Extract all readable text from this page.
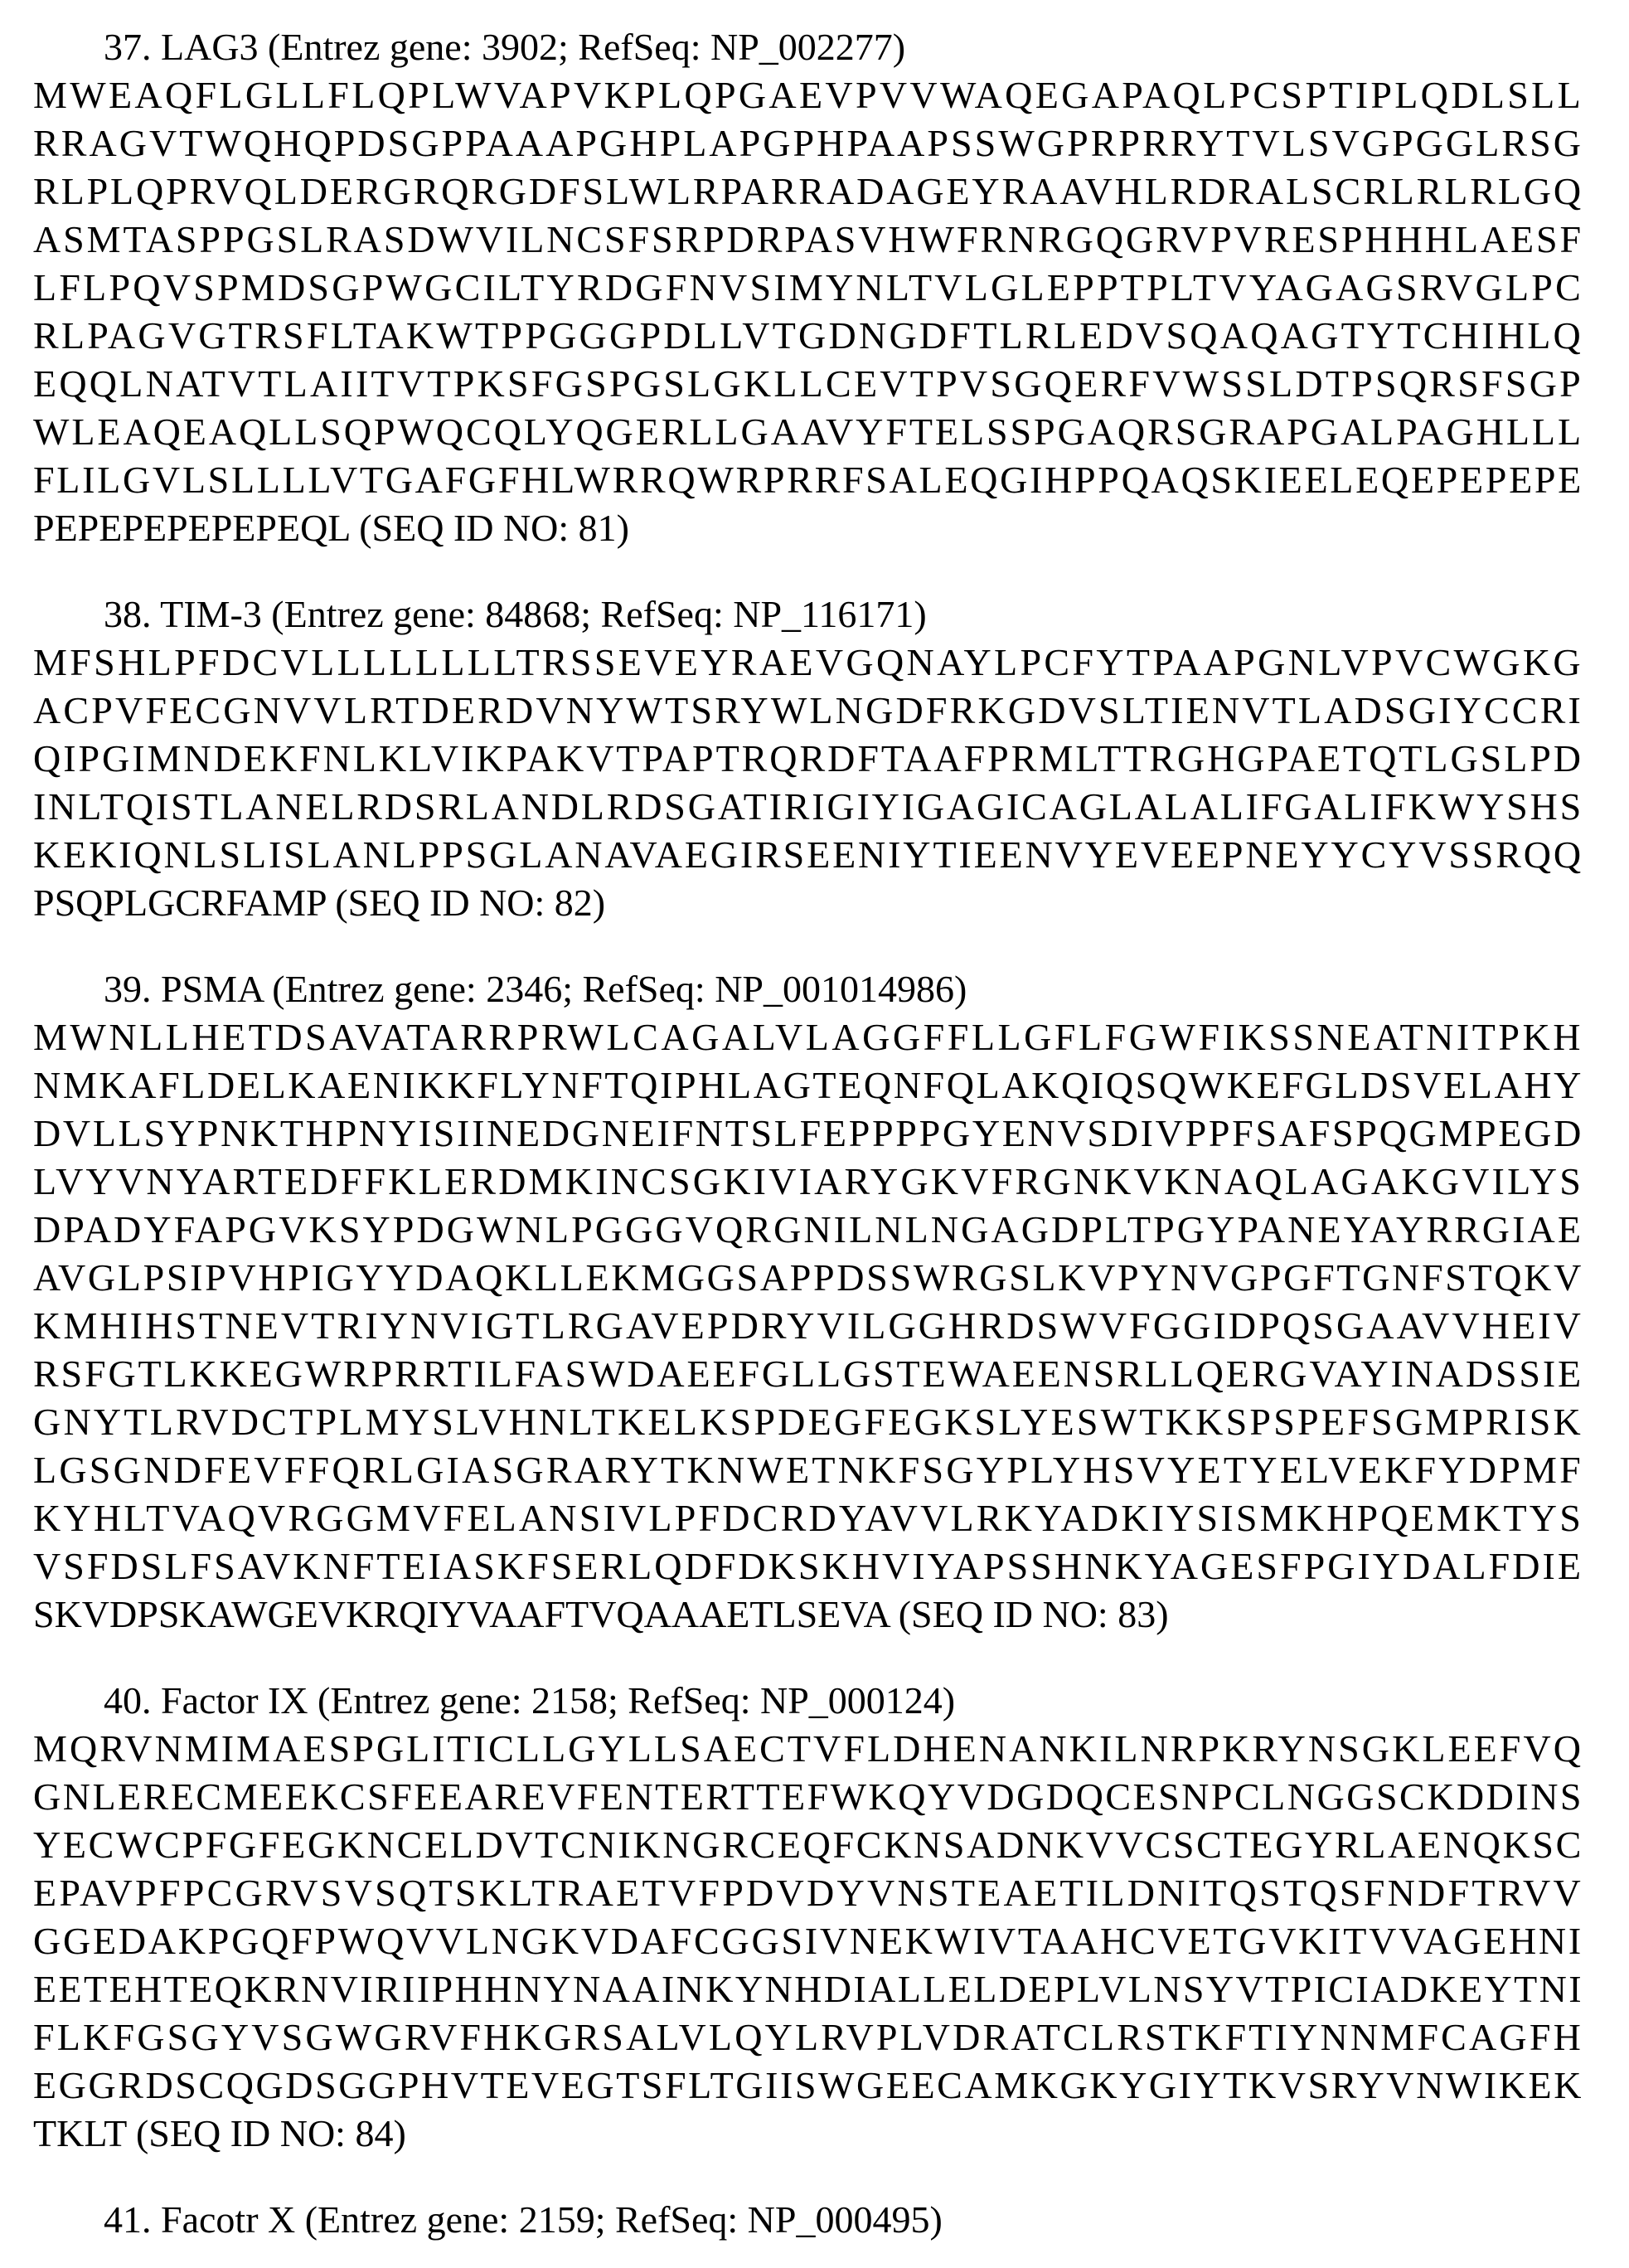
37. LAG3 (Entrez gene: 3902; RefSeq: NP_002277)
MWEAQFLGLLFLQPLWVAPVKPLQPGAEVPVVWAQEGAPAQLPCSPTIPLQDLSLL
RRAGVTWQHQPDSGPPAAAPGHPLAPGPHPAAPSSWGPRPRRYTVLSVGPGGLRSG
RLPLQPRVQLDERGRQRGDFSLWLRPARRADAGEYRAAVHLRDRALSCRLRLRLGQ
ASMTASPPGSLRASDWVILNCSFSRPDRPASVHWFRNRGQGRVPVRESPHHHLAESF
LFLPQVSPMDSGPWGCILTYRDGFNVSIMYNLTVLGLEPPTPLTVYAGAGSRVGLPC
RLPAGVGTRSFLTAKWTPPGGGPDLLVTGDNGDFTLRLEDVSQAQAGTYTCHIHLQ
EQQLNATVTLAIITVTPKSFGSPGSLGKLLCEVTPVSGQERFVWSSLDTPSQRSFSGP
WLEAQEAQLLSQPWQCQLYQGERLLGAAVYFTELSSPGAQRSGRAPGALPAGHLLL
FLILGVLSLLLLVTGAFGFHLWRRQWRPRRFSALEQGIHPPQAQSKIEELEQEPEPEPE
PEPEPEPEPEPEQL (SEQ ID NO: 81)
38. TIM-3 (Entrez gene: 84868; RefSeq: NP_116171)
MFSHLPFDCVLLLLLLLLTRSSEVEYRAEVGQNAYLPCFYTPAAPGNLVPVCWGKG
ACPVFECGNVVLRTDERDVNYWTSRYWLNGDFRKGDVSLTIENVTLADSGIYCCRI
QIPGIMNDEKFNLKLVIKPAKVTPAPTRQRDFTAAFPRMLTTRGHGPAETQTLGSLPD
INLTQISTLANELRDSRLANDLRDSGATIRIGIYIGAGICAGLALALIFGALIFKWYSHS
KEKIQNLSLISLANLPPSGLANAVAEGIRSEENIYTIEENVYEVEEPNEYYCYVSSRQQ
PSQPLGCRFAMP (SEQ ID NO: 82)
39. PSMA (Entrez gene: 2346; RefSeq: NP_001014986)
MWNLLHETDSAVATARRPRWLCAGALVLAGGFFLLGFLFGWFIKSSNEATNITPKH
NMKAFLDELKAENIKKFLYNFTQIPHLAGTEQNFQLAKQIQSQWKEFGLDSVELAHY
DVLLSYPNKTHPNYISIINEDGNEIFNTSLFEPPPPGYENVSDIVPPFSAFSPQGMPEGD
LVYVNYARTEDFFKLERDMKINCSGKIVIARYGKVFRGNKVKNAQLAGAKGVILYS
DPADYFAPGVKSYPDGWNLPGGGVQRGNILNLNGAGDPLTPGYPANEYAYRRGIAE
AVGLPSIPVHPIGYYDAQKLLEKMGGSAPPDSSWRGSLKVPYNVGPGFTGNFSTQKV
KMHIHSTNEVTRIYNVIGTLRGAVEPDRYVILGGHRDSWVFGGIDPQSGAAVVHEIV
RSFGTLKKEGWRPRRTILFASWDAEEFGLLGSTEWAEENSRLLQERGVAYINADSSIE
GNYTLRVDCTPLMYSLVHNLTKELKSPDEGFEGKSLYESWTKKSPSPEFSGMPRISK
LGSGNDFEVFFQRLGIASGRARYTKNWETNKFSGYPLYHSVYETYELVEKFYDPMF
KYHLTVAQVRGGMVFELANSIVLPFDCRDYAVVLRKYADKIYSISMKHPQEMKTYS
VSFDSLFSAVKNFTEIASKFSERLQDFDKSKHVIYAPSSHNKYAGESFPGIYDALFDIE
SKVDPSKAWGEVKRQIYVAAFTVQAAAETLSEVA (SEQ ID NO: 83)
40. Factor IX (Entrez gene: 2158; RefSeq: NP_000124)
MQRVNMIMAESPGLITICLLGYLLSAECTVFLDHENANKILNRPKRYNSGKLEEFVQ
GNLERECMEEKCSFEEAREVFENTERTTEFWKQYVDGDQCESNPCLNGGSCKDDINS
YECWCPFGFEGKNCELDVTCNIKNGRCEQFCKNSADNKVVCSCTEGYRLAENQKSC
EPAVPFPCGRVSVSQTSKLTRAETVFPDVDYVNSTEAETILDNITQSTQSFNDFTRVV
GGEDAKPGQFPWQVVLNGKVDAFCGGSIVNEKWIVTAAHCVETGVKITVVAGEHNI
EETEHTEQKRNVIRIIPHHNYNAAINKYNHDIALLELDEPLVLNSYVTPICIADKEYTNI
FLKFGSGYVSGWGRVFHKGRSALVLQYLRVPLVDRATCLRSTKFTIYNNMFCAGFH
EGGRDSCQGDSGGPHVTEVEGTSFLTGIISWGEECAMKGKYGIYTKVSRYVNWIKEK
TKLT (SEQ ID NO: 84)
41. Facotr X (Entrez gene: 2159; RefSeq: NP_000495)
